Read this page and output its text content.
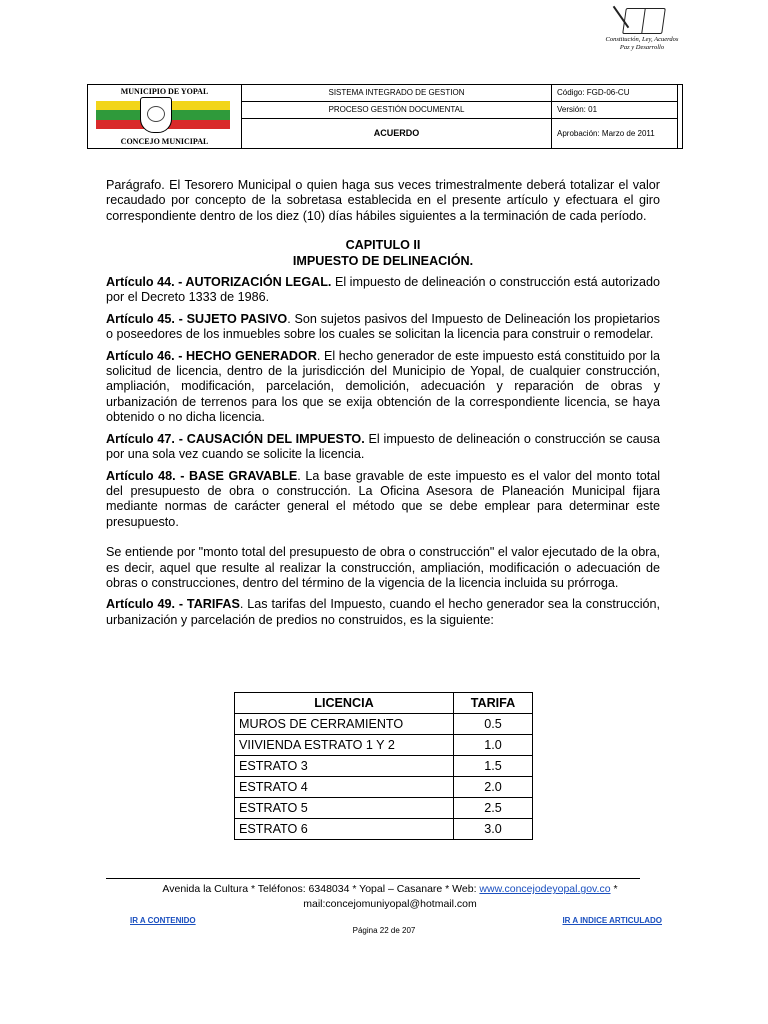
MUNICIPIO DE YOPAL
CONCEJO MUNICIPAL
SISTEMA INTEGRADO DE GESTION
PROCESO GESTIÓN DOCUMENTAL
ACUERDO
Código: FGD-06-CU
Versión: 01
Aprobación: Marzo de 2011
Constitución, Ley, Acuerdos
Paz y Desarrollo

Parágrafo. El Tesorero Municipal o quien haga sus veces trimestralmente deberá totalizar el valor recaudado por concepto de la sobretasa establecida en el presente artículo y efectuara el giro correspondiente dentro de los diez (10) días hábiles siguientes a la terminación de cada período.

CAPITULO II
IMPUESTO DE DELINEACIÓN.

Artículo 44. - AUTORIZACIÓN LEGAL. El impuesto de delineación o construcción está autorizado por el Decreto 1333 de 1986.

Artículo 45. - SUJETO PASIVO. Son sujetos pasivos del Impuesto de Delineación los propietarios o poseedores de los inmuebles sobre los cuales se solicitan la licencia para construir o remodelar.

Artículo 46. - HECHO GENERADOR. El hecho generador de este impuesto está constituido por la solicitud de licencia, dentro de la jurisdicción del Municipio de Yopal, de cualquier construcción, ampliación, modificación, parcelación, demolición, adecuación y reparación de obras y urbanización de terrenos para los que se exija obtención de la correspondiente licencia, se haya obtenido o no dicha licencia.

Artículo 47. - CAUSACIÓN DEL IMPUESTO. El impuesto de delineación o construcción se causa por una sola vez cuando se solicite la licencia.

Artículo 48. - BASE GRAVABLE. La base gravable de este impuesto es el valor del monto total del presupuesto de obra o construcción. La Oficina Asesora de Planeación Municipal fijara mediante normas de carácter general el método que se debe emplear para determinar este presupuesto.

Se entiende por "monto total del presupuesto de obra o construcción" el valor ejecutado de la obra, es decir, aquel que resulte al realizar la construcción, ampliación, modificación o adecuación de obras o construcciones, dentro del término de la vigencia de la licencia incluida su prórroga.

Artículo 49. - TARIFAS. Las tarifas del Impuesto, cuando el hecho generador sea la construcción, urbanización y parcelación de predios no construidos, es la siguiente:

LICENCIA	TARIFA
MUROS DE CERRAMIENTO	0.5
VIIVIENDA ESTRATO 1 Y 2	1.0
ESTRATO 3	1.5
ESTRATO 4	2.0
ESTRATO 5	2.5
ESTRATO 6	3.0
Avenida la Cultura * Teléfonos: 6348034 * Yopal – Casanare * Web: www.concejodeyopal.gov.co *
mail:concejomuniyopal@hotmail.com
IR A CONTENIDO	IR A INDICE ARTICULADO
Página 22 de 207
